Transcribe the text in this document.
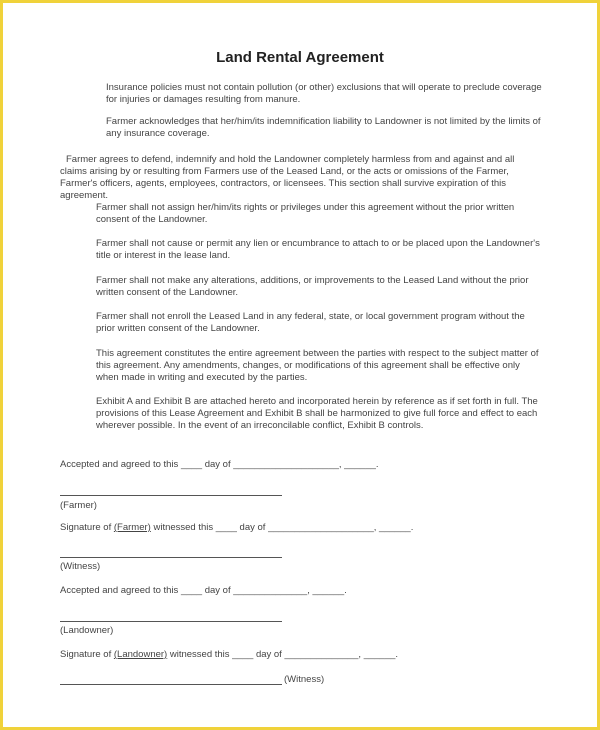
Land Rental Agreement

Insurance policies must not contain pollution (or other) exclusions that will operate to preclude coverage for injuries or damages resulting from manure.

Farmer acknowledges that her/him/its indemnification liability to Landowner is not limited by the limits of any insurance coverage.

Farmer agrees to defend, indemnify and hold the Landowner completely harmless from and against and all claims arising by or resulting from Farmers use of the Leased Land, or the acts or omissions of the Farmer, Farmer's officers, agents, employees, contractors, or licensees. This section shall survive expiration of this agreement.

Farmer shall not assign her/him/its rights or privileges under this agreement without the prior written consent of the Landowner.

Farmer shall not cause or permit any lien or encumbrance to attach to or be placed upon the Landowner's title or interest in the lease land.

Farmer shall not make any alterations, additions, or improvements to the Leased Land without the prior written consent of the Landowner.

Farmer shall not enroll the Leased Land in any federal, state, or local government program without the prior written consent of the Landowner.

This agreement constitutes the entire agreement between the parties with respect to the subject matter of this agreement. Any amendments, changes, or modifications of this agreement shall be effective only when made in writing and executed by the parties.

Exhibit A and Exhibit B are attached hereto and incorporated herein by reference as if set forth in full. The provisions of this Lease Agreement and Exhibit B shall be harmonized to give full force and effect to each wherever possible. In the event of an irreconcilable conflict, Exhibit B controls.

Accepted and agreed to this ____ day of ____________________, ______.

(Farmer)

Signature of (Farmer) witnessed this ____ day of ____________________, ______.

(Witness)

Accepted and agreed to this ____ day of ______________, ______.

(Landowner)

Signature of (Landowner) witnessed this ____ day of ______________, ______.

(Witness)
